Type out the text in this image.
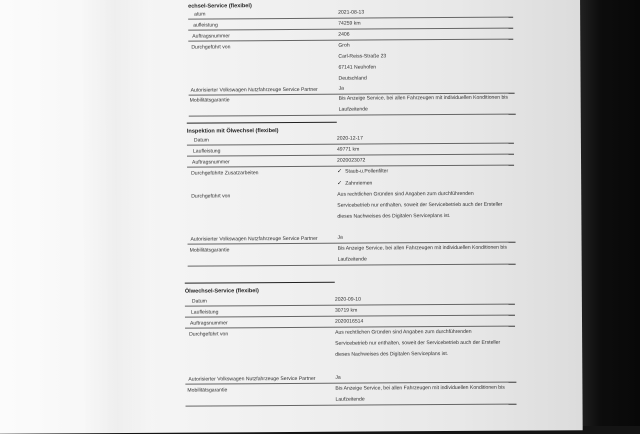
echsel-Service (flexibel)
atum	2021-08-13
aufleistung	74259 km
Auftragsnummer	2406
Durchgeführt von	Groh
Carl-Reiss-Straße 23
67141 Neuhofen
Deutschland
Autorisierter Volkswagen Nutzfahrzeuge Service Partner	Ja
Mobilitätsgarantie	Bis Anzeige Service, bei allen Fahrzeugen mit individuellen Konditionen bis
Laufzeitende
Inspektion mit Ölwechsel (flexibel)
Datum	2020-12-17
Laufleistung	49771 km
Auftragsnummer	2020023072
Durchgeführte Zusatzarbeiten	✓ Staub-u.Pollenfilter
✓ Zahnriemen
Durchgeführt von	Aus rechtlichen Gründen sind Angaben zum durchführenden
Servicebetrieb nur enthalten, soweit der Servicebetrieb auch der Ersteller
dieses Nachweises des Digitalen Serviceplans ist.
Autorisierter Volkswagen Nutzfahrzeuge Service Partner	Ja
Mobilitätsgarantie	Bis Anzeige Service, bei allen Fahrzeugen mit individuellen Konditionen bis
Laufzeitende
Ölwechsel-Service (flexibel)
Datum	2020-09-10
Laufleistung	30719 km
Auftragsnummer	2020016514
Durchgeführt von	Aus rechtlichen Gründen sind Angaben zum durchführenden
Servicebetrieb nur enthalten, soweit der Servicebetrieb auch der Ersteller
dieses Nachweises des Digitalen Serviceplans ist.
Autorisierter Volkswagen Nutzfahrzeuge Service Partner	Ja
Mobilitätsgarantie	Bis Anzeige Service, bei allen Fahrzeugen mit individuellen Konditionen bis
Laufzeitende
